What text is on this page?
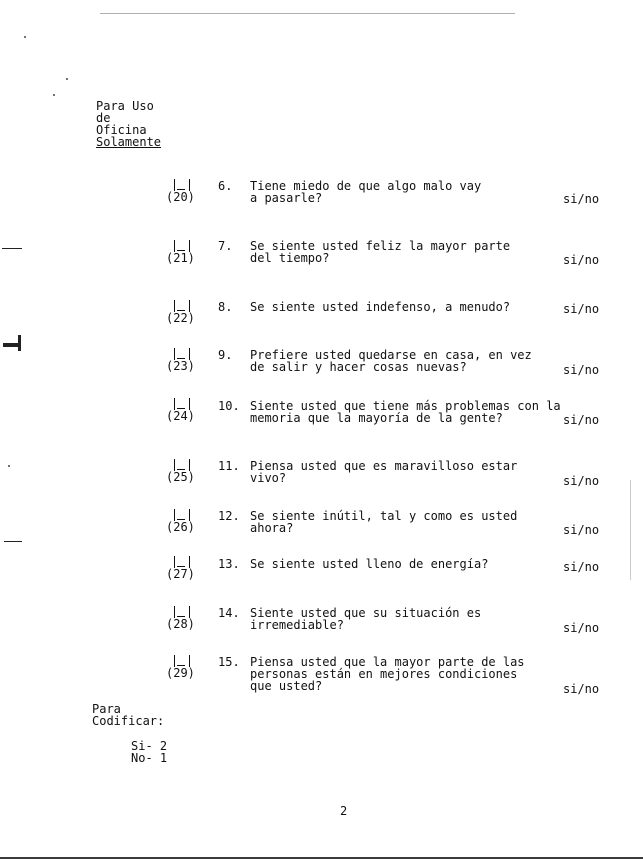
Para Uso
de
Oficina
Solamente
(20)
6.	Tiene miedo de que algo malo vay
a pasarle?	si/no
(21)
7.	Se siente usted feliz la mayor parte
del tiempo?	si/no
(22)
8.	Se siente usted indefenso, a menudo?	si/no
(23)
9.	Prefiere usted quedarse en casa, en vez
de salir y hacer cosas nuevas?	si/no
(24)
10. Siente usted que tiene más problemas con la
memoria que la mayoría de la gente?	si/no
(25)
11. Piensa usted que es maravilloso estar
vivo?	si/no
(26)
12. Se siente inútil, tal y como es usted
ahora?	si/no
(27)
13. Se siente usted lleno de energía?	si/no
(28)
14. Siente usted que su situación es
irremediable?	si/no
(29)
15. Piensa usted que la mayor parte de las
personas están en mejores condiciones
que usted?	si/no
Para
Codificar:
Si- 2
No- 1
2
